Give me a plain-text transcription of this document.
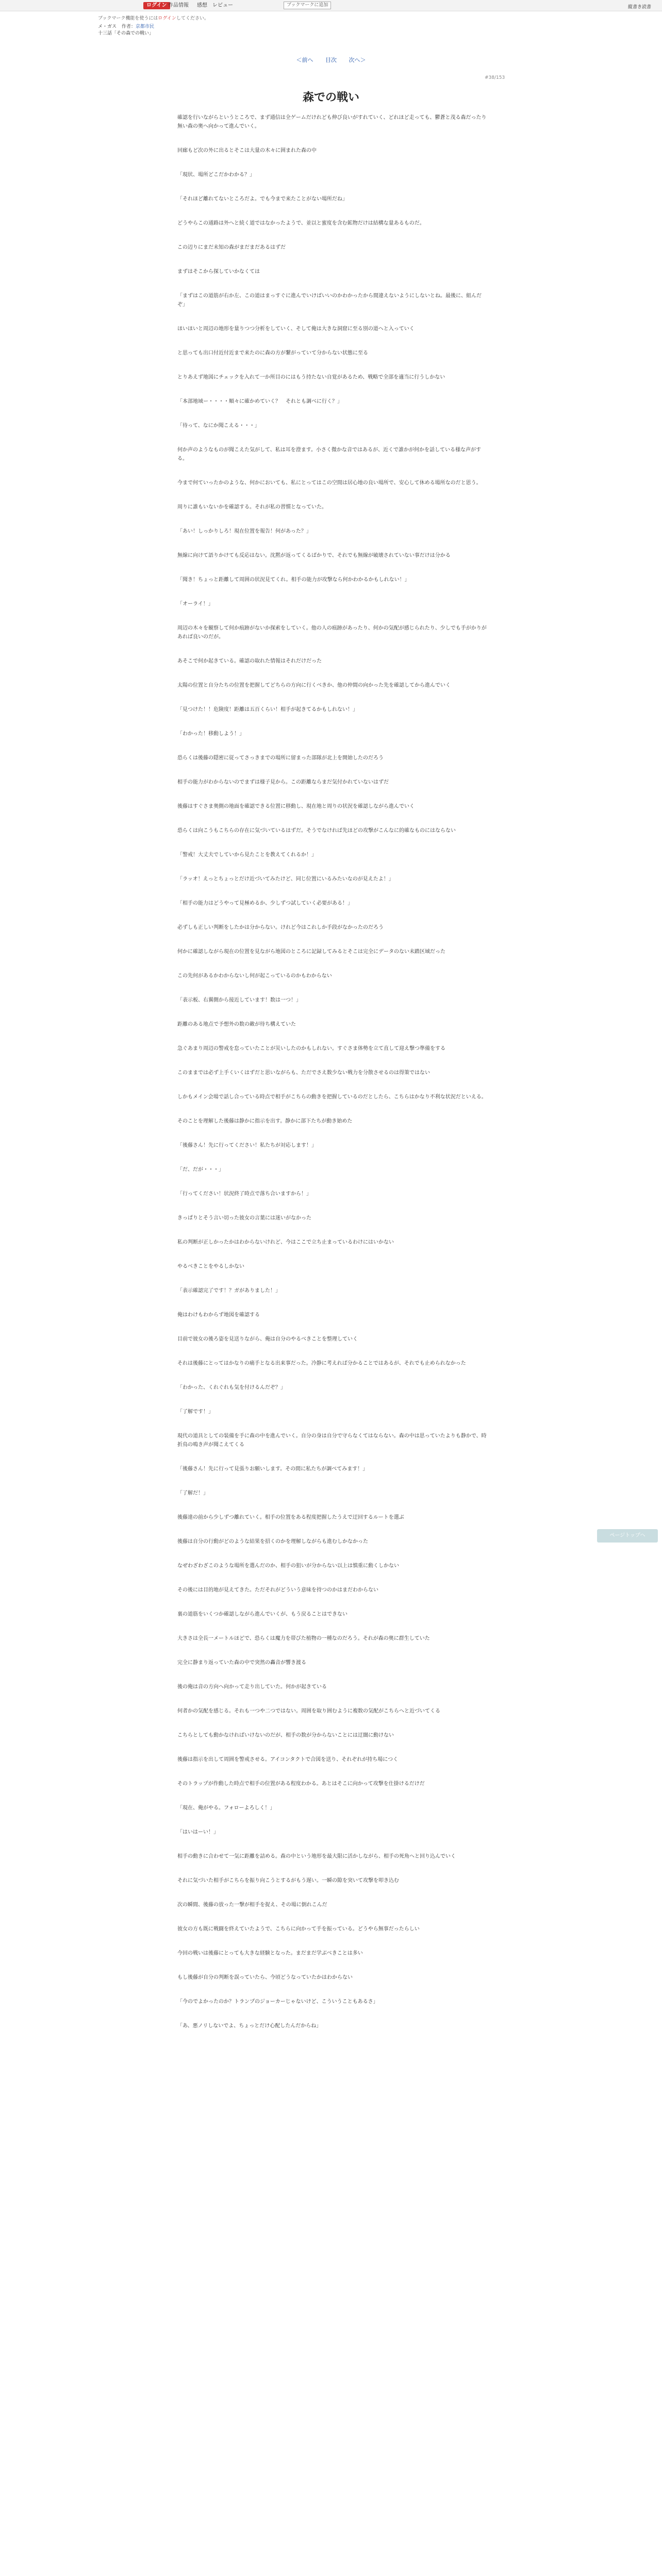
ログイン 作品情報 感想 レビュー	ブックマークに追加	縦書き読書
ブックマーク機能を使うにはログインしてください。
メ・ガス 作者：京都市民
十三話「その森での戦い」
＜前へ 目次 次へ＞
#38/153
森での戦い

確認を行いながらというところで、まず通信は全ゲームだけれども伸び良いがすれていく、どれほど走っても、鬱蒼と茂る森だったり無い森の奥へ向かって進んでいく。

回廊もど次の外に出るとそこは大量の木々に囲まれた森の中

「現状、場所どこだかわかる？」

「それほど離れてないところだよ。でも今まで来たことがない場所だね」

どうやらこの通路は外へと続く道ではなかったようで、並以と蜜度を含む鉱物だけは結構な量あるものだ。

この辺りにまだ未知の森がまだまだあるはずだ

まずはそこから探していかなくては

「まずはこの道筋が右か左、この道はまっすぐに進んでいけばいいのかわかったから間違えないようにしないとね。最後に、組んだぞ」

ほいほいと周辺の地形を量りつつ分析をしていく、そして俺は大きな洞窟に至る別の道へと入っていく

と思っても出口付近付近まで来たのに森の方が繋がっていて分からない状態に至る

とりあえず地図にチェックを入れて一か所目のにはもう持たない自覚があるため、戦略で全部を適当に行うしかない

「本部地域ー・・・・順々に確かめていく？　それとも調べに行く？」

「待って、なにか聞こえる・・・」

何か声のようなものが聞こえた気がして、私は耳を澄ます。小さく微かな音ではあるが、近くで誰かが何かを話している様な声がする。

今まで何ていったかのような、何かにおいても、私にとってはこの空間は居心地の良い場所で、安心して休める場所なのだと思う。

周りに誰もいないかを確認する。それが私の習慣となっていた。

「あい！しっかりしろ！現在位置を報告！何があった？」

無線に向けて語りかけても反応はない。沈黙が返ってくるばかりで、それでも無線が破壊されていない事だけは分かる

「聞き！ちょっと距離して周囲の状況見てくれ。相手の能力が攻撃なら何かわかるかもしれない！」

「オーライ！」

周辺の木々を観察して何か痕跡がないか探索をしていく。他の人の痕跡があったり、何かの気配が感じられたり、少しでも手がかりがあれば良いのだが。

あそこで何か起きている。確認の取れた情報はそれだけだった

太陽の位置と自分たちの位置を把握してどちらの方向に行くべきか、他の仲間の向かった先を確認してから進んでいく

「見つけた！！危険度！距離は五百くらい！相手が起きてるかもしれない！」

「わかった！移動しよう！」

恐らくは後藤の隠密に従ってさっきまでの場所に留まった部隊が北上を開始したのだろう

相手の能力がわからないのでまずは様子見から。この距離ならまだ気付かれていないはずだ

後藤はすぐさま奥側の地面を確認できる位置に移動し、現在地と周りの状況を確認しながら進んでいく

恐らくは向こうもこちらの存在に気づいているはずだ。そうでなければ先ほどの攻撃がこんなに的確なものにはならない

「警戒！大丈夫でしていから見たことを教えてくれるか！」

「ラッオ！えっとちょっとだけ近づいてみたけど、同じ位置にいるみたいなのが見えたよ！」

「相手の能力はどうやって見極めるか、少しずつ試していく必要がある！」

必ずしも正しい判断をしたかは分からない。けれど今はこれしか手段がなかったのだろう

何かに確認しながら現在の位置を見ながら地図のところに記録してみるとそこは完全にデータのない未踏区域だった

この先何があるかわからないし何が起こっているのかもわからない

「表示板、右翼側から接近しています！数は一つ！」

距離のある地点で予想外の数の敵が待ち構えていた

急ぐあまり周辺の警戒を怠っていたことが災いしたのかもしれない。すぐさま体勢を立て直して迎え撃つ準備をする

このままでは必ず上手くいくはずだと思いながらも、ただでさえ数少ない戦力を分散させるのは得策ではない

しかもメイン会場で話し合っている時点で相手がこちらの動きを把握しているのだとしたら、こちらはかなり不利な状況だといえる。

そのことを理解した後藤は静かに指示を出す。静かに部下たちが動き始めた

「後藤さん！先に行ってください！私たちが対応します！」

「だ、だが・・・」

「行ってください！状況終了時点で落ち合いますから！」

きっぱりとそう言い切った彼女の言葉には迷いがなかった

私の判断が正しかったかはわからないけれど、今はここで立ち止まっているわけにはいかない

やるべきことをやるしかない

「表示確認完了です！？ガがありました！」

俺はわけもわからず地図を確認する

目前で彼女の後ろ姿を見送りながら、俺は自分のやるべきことを整理していく

それは後藤にとってはかなりの痛手となる出来事だった。冷静に考えれば分かることではあるが、それでも止められなかった

「わかった、くれぐれも気を付けるんだぞ？」

「了解です！」

現代の道具としての装備を手に森の中を進んでいく。自分の身は自分で守らなくてはならない。森の中は思っていたよりも静かで、時折鳥の鳴き声が聞こえてくる

「後藤さん！先に行って見張りお願いします。その間に私たちが調べてみます！」

「了解だ！」

後藤達の前から少しずつ離れていく。相手の位置をある程度把握したうえで迂回するルートを選ぶ

後藤は自分の行動がどのような結果を招くのかを理解しながらも進むしかなかった

なぜわざわざこのような場所を選んだのか、相手の狙いが分からない以上は慎重に動くしかない

その後には目的地が見えてきた。ただそれがどういう意味を持つのかはまだわからない

裏の道筋をいくつか確認しながら進んでいくが、もう戻ることはできない

大きさは全長一メートルほどで、恐らくは魔力を帯びた植物の一種なのだろう。それが森の奥に群生していた

完全に静まり返っていた森の中で突然の轟音が響き渡る

後の俺は音の方向へ向かって走り出していた。何かが起きている

何者かの気配を感じる。それも一つや二つではない。周囲を取り囲むように複数の気配がこちらへと近づいてくる

こちらとしても動かなければいけないのだが、相手の数が分からないことには迂闊に動けない

後藤は指示を出して周囲を警戒させる。アイコンタクトで合図を送り、それぞれが持ち場につく

そのトラップが作動した時点で相手の位置がある程度わかる。あとはそこに向かって攻撃を仕掛けるだけだ

「現在、俺がやる。フォローよろしく！」

「はいはーい！」

相手の動きに合わせて一気に距離を詰める。森の中という地形を最大限に活かしながら、相手の死角へと回り込んでいく

それに気づいた相手がこちらを振り向こうとするがもう遅い。一瞬の隙を突いて攻撃を叩き込む

次の瞬間、後藤の放った一撃が相手を捉え、その場に倒れこんだ

彼女の方も既に戦闘を終えていたようで、こちらに向かって手を振っている。どうやら無事だったらしい

今回の戦いは後藤にとっても大きな経験となった。まだまだ学ぶべきことは多い

もし後藤が自分の判断を誤っていたら、今頃どうなっていたかはわからない

「今のでよかったのか？トランプのジョーカーじゃないけど、こういうこともあるさ」

「あ、悪ノリしないでよ、ちょっとだけ心配したんだからね」

ページトップへ
